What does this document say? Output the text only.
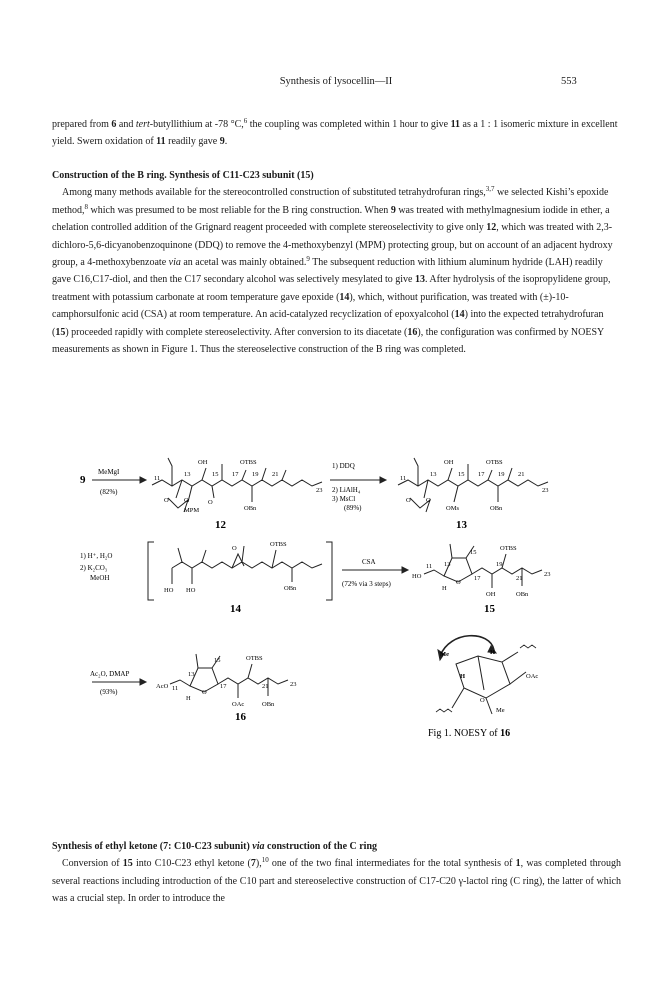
Synthesis of lysocellin—II	553

prepared from 6 and tert-butyllithium at -78 °C,$^6$ the coupling was completed within 1 hour to give 11 as a 1 : 1 isomeric mixture in excellent yield. Swern oxidation of 11 readily gave 9.

Construction of the B ring. Synthesis of C11-C23 subunit (15)

Among many methods available for the stereocontrolled construction of substituted tetrahydrofuran rings,$^{3,7}$ we selected Kishi’s epoxide method,$^8$ which was presumed to be most reliable for the B ring construction. When 9 was treated with methylmagnesium iodide in ether, a chelation controlled addition of the Grignard reagent proceeded with complete stereoselectivity to give only 12, which was treated with 2,3-dichloro-5,6-dicyanobenzoquinone (DDQ) to remove the 4-methoxybenzyl (MPM) protecting group, but on account of an adjacent hydroxy group, a 4-methoxybenzoate via an acetal was mainly obtained.$^9$ The subsequent reduction with lithium aluminum hydride (LAH) readily gave C16,C17-diol, and then the C17 secondary alcohol was selectively mesylated to give 13. After hydrolysis of the isopropylidene group, treatment with potassium carbonate at room temperature gave epoxide (14), which, without purification, was treated with (±)-10-camphorsulfonic acid (CSA) at room temperature. An acid-catalyzed recyclization of epoxyalcohol (14) into the expected tetrahydrofuran (15) proceeded rapidly with complete stereoselectivity. After conversion to its diacetate (16), the configuration was confirmed by NOESY measurements as shown in Figure 1. Thus the stereoselective construction of the B ring was completed.

9
MeMgI
(82%)
11
13	15 17 19 21
23
OH	OTBS
MPM	OBn
O O	O
12
1) DDQ
2) LiAlH₄
3) MsCl
(89%)
11
13	15 17 19 21
23
OH	OTBS
OMs	OBn
O O
13
1) H⁺, H₂O
2) K₂CO₃
MeOH
HO HO
O
OTBS
OBn
14
CSA
(72% via 3 steps)
HO
O
OH
OTBS
OBn
H
11 13
15
17
19
21
23
15
Ac₂O, DMAP
(93%)
AcO
O
OAc
OTBS
OBn
H
11
13
15
17	21	23
16
Me
H
H
OAc
O
Me
Fig 1. NOESY of 16

Synthesis of ethyl ketone (7: C10-C23 subunit) via construction of the C ring

Conversion of 15 into C10-C23 ethyl ketone (7),$^{10}$ one of the two final intermediates for the total synthesis of 1, was completed through several reactions including introduction of the C10 part and stereoselective construction of C17-C20 γ-lactol ring (C ring), the latter of which was a crucial step. In order to introduce the
